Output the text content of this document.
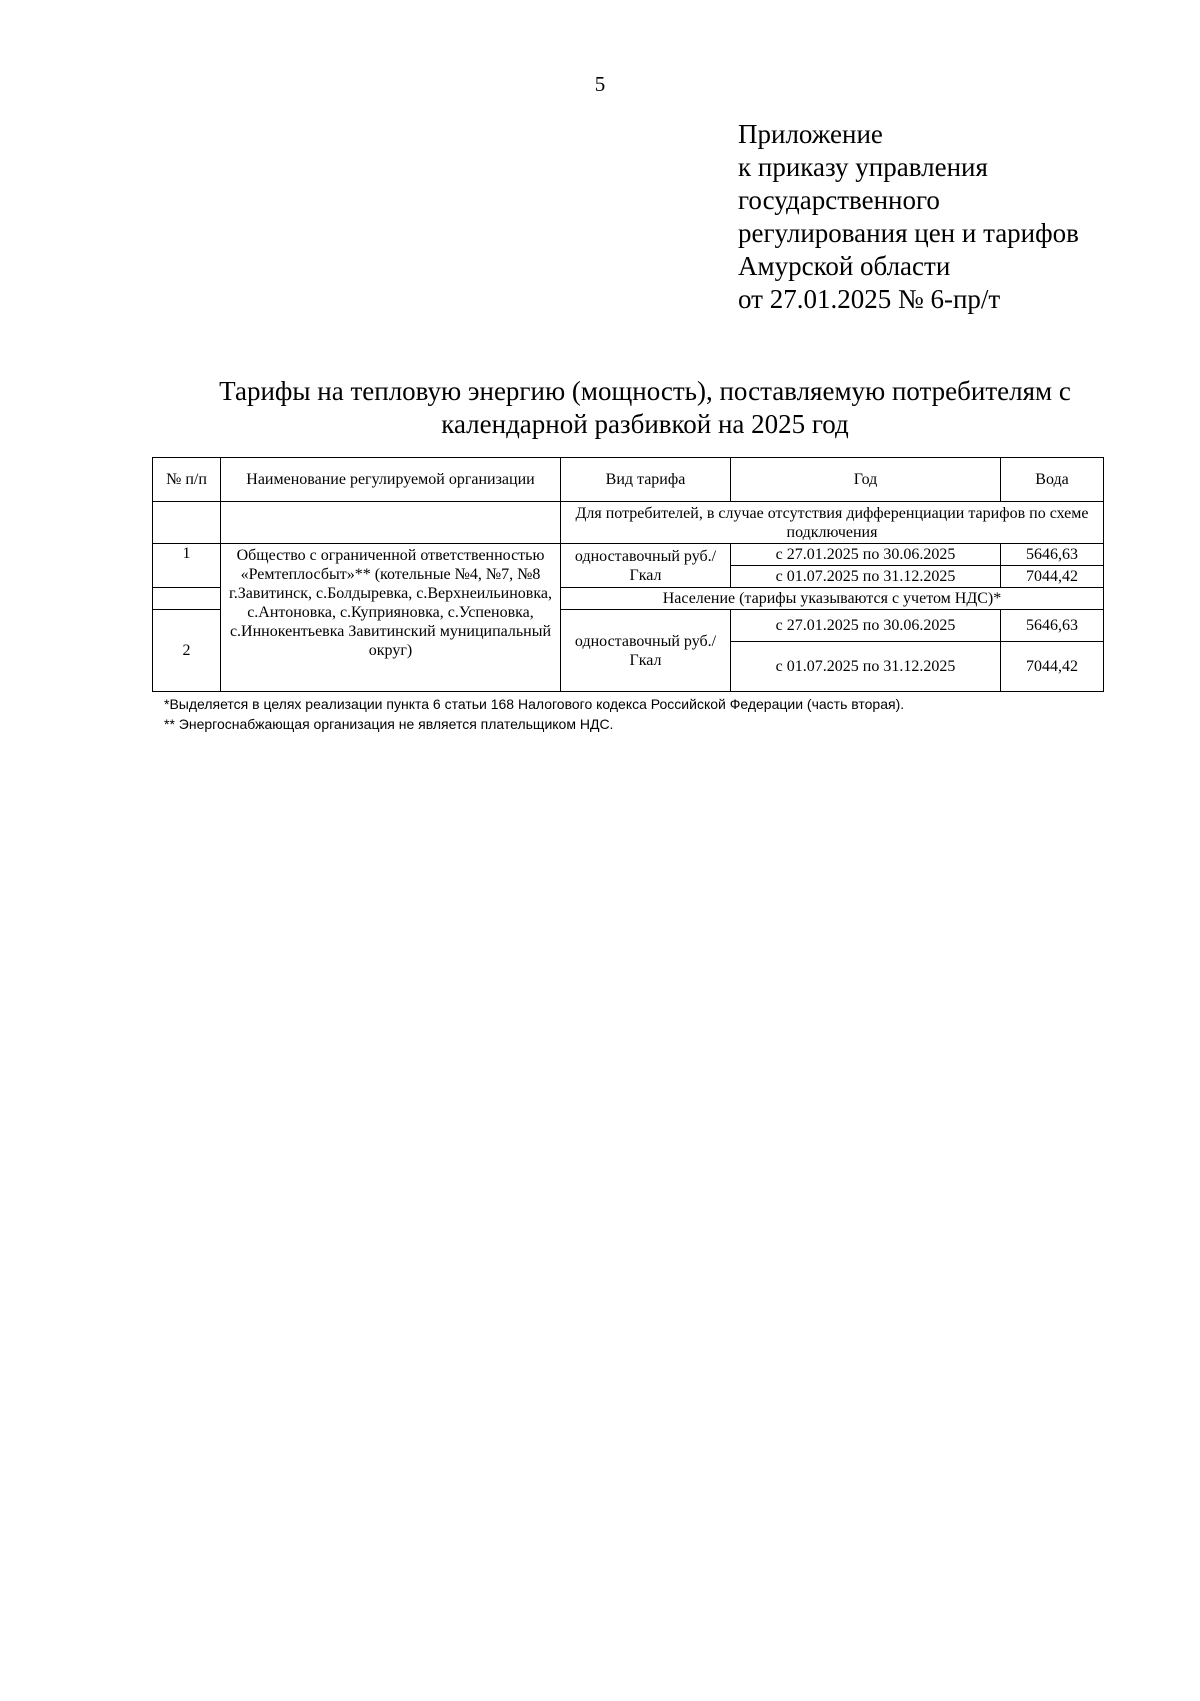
5
Приложение
к приказу управления
государственного
регулирования цен и тарифов
Амурской области
от 27.01.2025 № 6-пр/т
Тарифы на тепловую энергию (мощность), поставляемую потребителям с
календарной разбивкой на 2025 год
№ п/п	Наименование регулируемой организации	Вид тарифа	Год	Вода
		Для потребителей, в случае отсутствия дифференциации тарифов по схеме подключения		
1	Общество с ограниченной ответственностью «Ремтеплосбыт»** (котельные №4, №7, №8 г.Завитинск, с.Болдыревка, с.Верхнеильиновка, с.Антоновка, с.Куприяновка, с.Успеновка, с.Иннокентьевка Завитинский муниципальный округ)	одноставочный руб./Гкал	с 27.01.2025 по 30.06.2025	5646,63
			с 01.07.2025 по 31.12.2025	7044,42
		Население (тарифы указываются с учетом НДС)*		
2		одноставочный руб./Гкал	с 27.01.2025 по 30.06.2025	5646,63
			с 01.07.2025 по 31.12.2025	7044,42
*Выделяется в целях реализации пункта 6 статьи 168 Налогового кодекса Российской Федерации (часть вторая).
** Энергоснабжающая организация не является плательщиком НДС.
